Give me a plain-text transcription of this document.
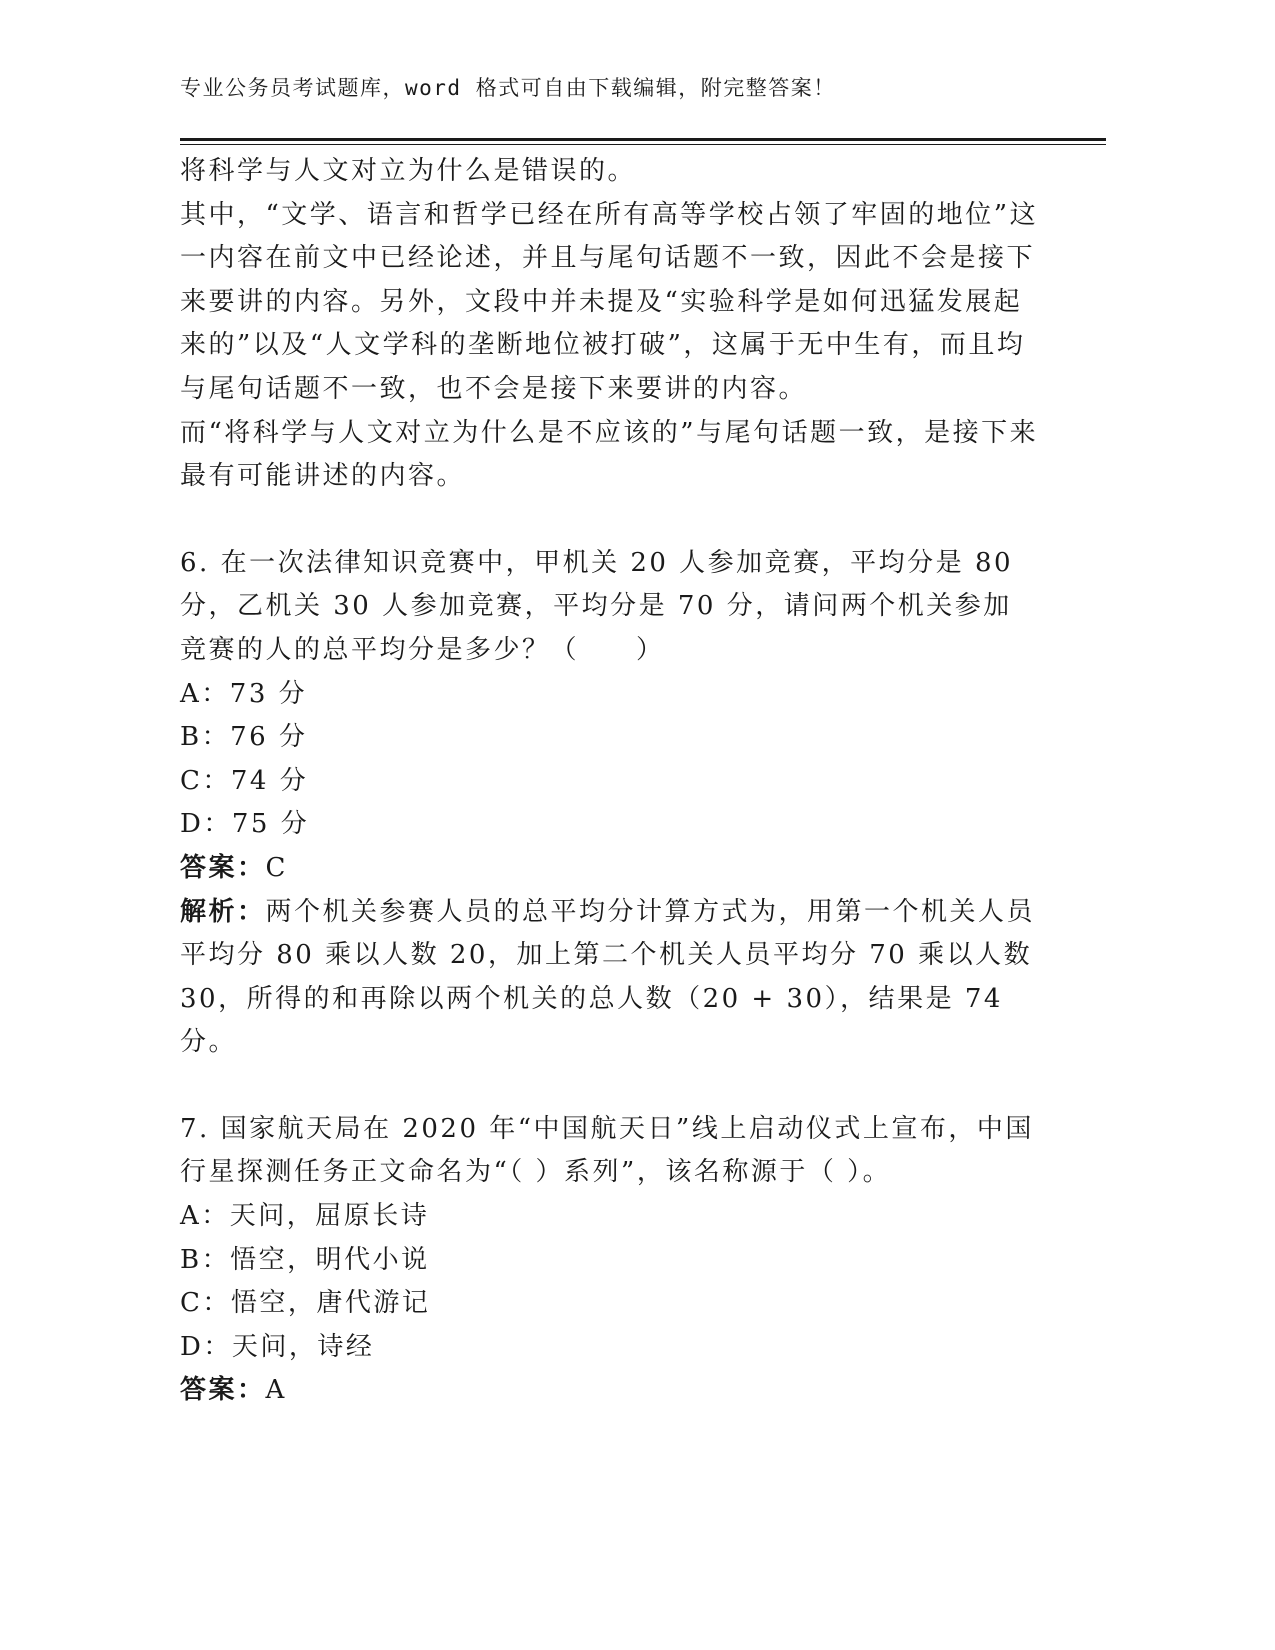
专业公务员考试题库，word 格式可自由下载编辑，附完整答案！

将科学与人文对立为什么是错误的。

其中，“文学、语言和哲学已经在所有高等学校占领了牢固的地位”这一内容在前文中已经论述，并且与尾句话题不一致，因此不会是接下来要讲的内容。另外，文段中并未提及“实验科学是如何迅猛发展起来的”以及“人文学科的垄断地位被打破”，这属于无中生有，而且均与尾句话题不一致，也不会是接下来要讲的内容。

而“将科学与人文对立为什么是不应该的”与尾句话题一致，是接下来最有可能讲述的内容。

6. 在一次法律知识竞赛中，甲机关 20 人参加竞赛，平均分是 80 分，乙机关 30 人参加竞赛，平均分是 70 分，请问两个机关参加竞赛的人的总平均分是多少？（　　）

A：73 分

B：76 分

C：74 分

D：75 分

答案：C

解析：两个机关参赛人员的总平均分计算方式为，用第一个机关人员平均分 80 乘以人数 20，加上第二个机关人员平均分 70 乘以人数 30，所得的和再除以两个机关的总人数（20 + 30），结果是 74 分。

7. 国家航天局在 2020 年“中国航天日”线上启动仪式上宣布，中国行星探测任务正文命名为“（ ）系列”，该名称源于（ ）。

A：天问，屈原长诗

B：悟空，明代小说

C：悟空，唐代游记

D：天问，诗经

答案：A
